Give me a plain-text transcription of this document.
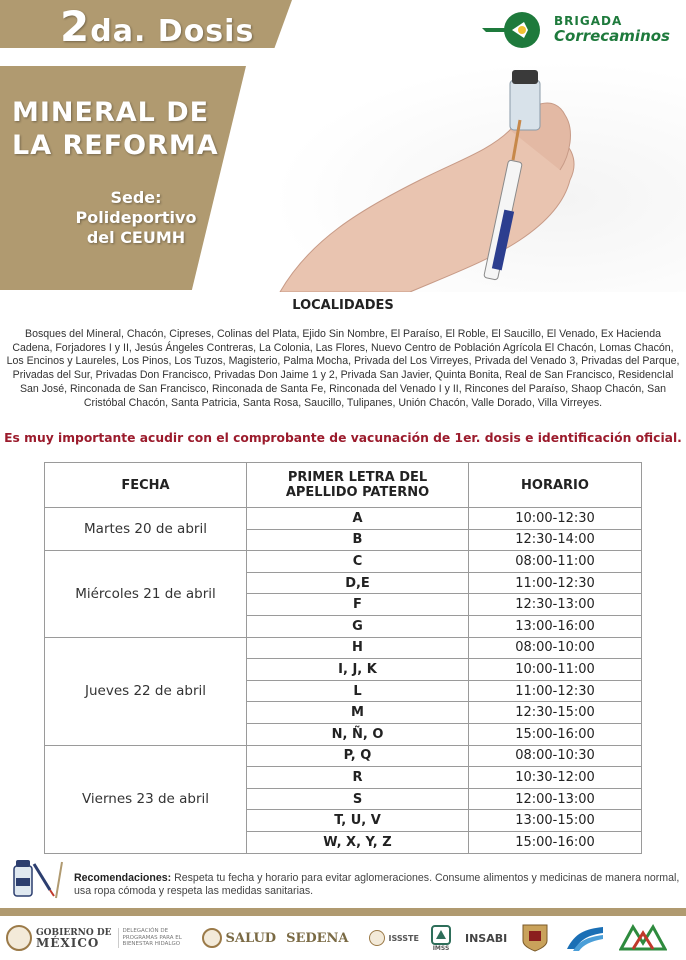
2da. Dosis
MINERAL DE
LA REFORMA
Sede:
Polideportivo
del CEUMH
BRIGADA
Correcaminos
LOCALIDADES
Bosques del Mineral, Chacón, Cipreses, Colinas del Plata, Ejido Sin Nombre, El Paraíso, El Roble, El Saucillo, El Venado, Ex Hacienda Cadena, Forjadores I y II, Jesús Ángeles Contreras, La Colonia, Las Flores, Nuevo Centro de Población Agrícola El Chacón, Lomas Chacón, Los Encinos y Laureles, Los Pinos, Los Tuzos, Magisterio, Palma Mocha, Privada del Los Virreyes, Privada del Venado 3, Privadas del Parque, Privadas del Sur, Privadas Don Francisco, Privadas Don Jaime 1 y 2, Privada San Javier, Quinta Bonita, Real de San Francisco, ResidencIal San José, Rinconada de San Francisco, Rinconada de Santa Fe, Rinconada del Venado I y II, Rincones del Paraíso, Shaop Chacón, San Cristóbal Chacón, Santa Patricia, Santa Rosa, Saucillo, Tulipanes, Unión Chacón, Valle Dorado, Villa Virreyes.
Es muy importante acudir con el comprobante de vacunación de 1er. dosis e identificación oficial.
FECHA	PRIMER LETRA DEL
APELLIDO PATERNO	HORARIO
Martes 20 de abril	A	10:00-12:30
	B	12:30-14:00
Miércoles 21 de abril	C	08:00-11:00
	D,E	11:00-12:30
	F	12:30-13:00
	G	13:00-16:00
Jueves 22 de abril	H	08:00-10:00
	I, J, K	10:00-11:00
	L	11:00-12:30
	M	12:30-15:00
	N, Ñ, O	15:00-16:00
Viernes 23 de abril	P, Q	08:00-10:30
	R	10:30-12:00
	S	12:00-13:00
	T, U, V	13:00-15:00
	W, X, Y, Z	15:00-16:00
Recomendaciones: Respeta tu fecha y horario para evitar aglomeraciones. Consume alimentos y medicinas de manera normal, usa ropa cómoda y respeta las medidas sanitarias.
GOBIERNO DE
MÉXICO
DELEGACIÓN DE PROGRAMAS PARA EL BIENESTAR HIDALGO	SALUD SEDENA	ISSSTE
IMSS
INSABI
